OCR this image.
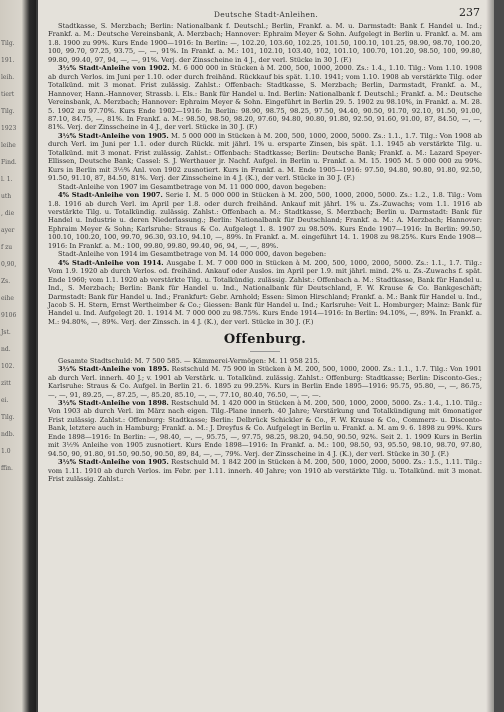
Tilg.
191.
leih.
tiert
Tilg.
1923
leihe
Find.
l. 1.
uth
, die
ayer
f zu
0,90,
Zs.
eihe
9106
Jst.
nd.
102.
zitt
ei.
Tilg.
ndb.
1.0
ffin.
Deutsche Stadt-Anleihen.	237

Stadtkasse, S. Merzbach; Berlin: Nationalbank f. Deutschl.; Berlin, Frankf. a. M. u. Darmstadt: Bank f. Handel u. Ind.; Frankf. a. M.: Deutsche Vereinsbank, A. Merzbach; Hannover: Ephraim Meyer & Sohn. Aufgelegt in Berlin u. Frankf. a. M. am 1.8. 1900 zu 99%. Kurs Ende 1900—1916: In Berlin: —, 102.20, 103.60, 102.25, 101.50, 100.10, 101.25, 98.90, 98.70, 100.20, 100, 99.70, 97.25, 93.75, —, —, 91%. In Frankf. a. M.: 101, 102.10, 103.40, 102, 101.10, 100.70, 101.20, 98.50, 100, 99.80, 99.80, 99.40, 97, 94, —, —, 91%. Verj. der Zinsscheine in 4 J., der verl. Stücke in 30 J. (F.)

3½% Stadt-Anleihe von 1902. M. 6 000 000 in Stücken à M. 200, 500, 1000, 2000. Zs.: 1.4., 1.10. Tilg.: Vom 1.10. 1908 ab durch Verlos. im Juni per 1.10. oder durch freihänd. Rückkauf bis spät. 1.10. 1941; vom 1.10. 1908 ab verstärkte Tilg. oder Totalkünd. mit 3 monat. Frist zulässig. Zahlst.: Offenbach: Stadtkasse, S. Merzbach; Berlin, Darmstadt, Frankf. a. M., Hannover, Hann.-Hannover, Strassb. i. Els.: Bank für Handel u. Ind. Berlin: Nationalbank f. Deutschl.; Frankf. a. M.: Deutsche Vereinsbank, A. Merzbach; Hannover: Ephraim Meyer & Sohn. Eingeführt in Berlin 29. 5. 1902 zu 98.10%, in Frankf. a. M. 28. 5. 1902 zu 97.70%. Kurs Ende 1902—1916: In Berlin: 98.90, 98.75, 98.25, 97.50, 94.40, 90.50, 91.70, 92.10, 91.50, 91.00, 87.10, 84.75, —, 81%. In Frankf. a. M.: 98.50, 98.50, 98.20, 97.60, 94.80, 90.80, 91.80, 92.50, 91.60, 91.00, 87, 84.50, —, —, 81%. Verj. der Zinsscheine in 4 J., der verl. Stücke in 30 J. (F.)

3½% Stadt-Anleihe von 1905. M. 5 000 000 in Stücken à M. 200, 500, 1000, 2000, 5000. Zs.: 1.1., 1.7. Tilg.: Von 1908 ab durch Verl. im Juni per 1.1. oder durch Rückk. mit jährl. 1% u. ersparte Zinsen, bis spät. 1.1. 1945 ab verstärkte Tilg. u. Totalkünd. mit 3 monat. Frist zulässig. Zahlst.: Offenbach: Stadtkasse; Berlin: Deutsche Bank; Frankf. a. M.: Lazard Speyer-Ellissen, Deutsche Bank; Cassel: S. J. Werthauer jr. Nachf. Aufgel. in Berlin u. Frankf. a. M. 15. 1905 M. 5 000 000 zu 99%. Kurs in Berlin mit 3½% Anl. von 1902 zusnotiert. Kurs in Frankf. a. M. Ende 1905—1916: 97.50, 94.80, 90.80, 91.80, 92.50, 91.50, 91.10, 87, 84.50, 81%. Verj. der Zinsscheine in 4 J. (K.), der verl. Stücke in 30 J. (F.)

Stadt-Anleihe von 1907 im Gesamtbetrage von M. 11 000 000, davon begeben:

4% Stadt-Anleihe von 1907. Serie I. M. 5 000 000 in Stücken à M. 200, 500, 1000, 2000, 5000. Zs.: 1.2., 1.8. Tilg.: Vom 1.8. 1916 ab durch Verl. im April per 1.8. oder durch freihänd. Ankauf mit jährl. 1% u. Zs.-Zuwachs; vom 1.1. 1916 ab verstärkte Tilg. u. Totalkündig. zulässig. Zahlst.: Offenbach a. M.: Stadtkasse, S. Merzbach; Berlin u. Darmstadt: Bank für Handel u. Industrie u. deren Niederlassung.; Berlin: Nationalbank für Deutschland; Frankf. a. M.: A. Merzbach; Hannover: Ephraim Meyer & Sohn; Karlsruhe: Straus & Co. Aufgelegt 1. 8. 1907 zu 98.50%. Kurs Ende 1907—1916: In Berlin: 99.50, 100.10, 100.20, 100, 99.70, 96.30, 93.10, 94.10, —, 89%. In Frankf. a. M. eingeführt 14. 1. 1908 zu 98.25%. Kurs Ende 1908—1916: In Frankf. a. M.: 100, 99.80, 99.80, 99.40, 96, 94, —, —, 89%.

Stadt-Anleihe von 1914 im Gesamtbetrage von M. 14 000 000, davon begeben:

4% Stadt-Anleihe von 1914. Ausgabe I. M. 7 000 000 in Stücken à M. 200, 500, 1000, 2000, 5000. Zs.: 1.1., 1.7. Tilg.: Vom 1.9. 1920 ab durch Verlos. od. freihänd. Ankauf oder Auslos. im April per 1.9. mit jährl. mind. 2% u. Zs.-Zuwachs f. spät. Ende 1960; vom 1.1. 1920 ab verstärkte Tilg. u. Totalkündig. zulässig. Zahlst.: Offenbach a. M.: Stadtkasse, Bank für Handel u. Ind., S. Merzbach; Berlin: Bank für Handel u. Ind., Nationalbank für Deutschland, F. W. Krause & Co. Bankgeschäft; Darmstadt: Bank für Handel u. Ind.; Frankfurt: Gebr. Arnhold; Essen: Simon Hirschland; Frankf. a. M.: Bank für Handel u. Ind., Jacob S. H. Stern, Ernst Wertheimber & Co.; Giessen: Bank für Handel u. Ind.; Karlsruhe: Veit L. Homburger; Mainz: Bank für Handel u. Ind. Aufgelegt 20. 1. 1914 M. 7 000 000 zu 98.75%. Kurs Ende 1914—1916: In Berlin: 94.10%, —, 89%. In Frankf. a. M.: 94.80%, —, 89%. Verj. der Zinssch. in 4 J. (K.), der verl. Stücke in 30 J. (F.)

Offenburg.

Gesamte Stadtschuld: M. 7 500 585. — Kämmerei-Vermögen: M. 11 958 215.

3½% Stadt-Anleihe von 1895. Restschuld M. 75 900 in Stücken à M. 200, 500, 1000, 2000. Zs.: 1.1., 1.7. Tilg.: Von 1901 ab durch Verl. innerh. 40 J.; v. 1901 ab Verstärk. u. Totalkünd. zulässig. Zahlst.: Offenburg: Stadtkasse; Berlin: Disconto-Ges.; Karlsruhe: Straus & Co. Aufgel. in Berlin 21. 6. 1895 zu 99.25%. Kurs in Berlin Ende 1895—1916: 95.75, 95.80, —, —, 86.75, —, —, 91, 89.25, —, 87.25, —, 85.20, 85.10, —, —, 77.10, 80.40, 76.50, —, —, —.

3½% Stadt-Anleihe von 1898. Restschuld M. 1 420 000 in Stücken à M. 200, 500, 1000, 2000, 5000. Zs.: 1.4., 1.10. Tilg.: Von 1903 ab durch Verl. im März nach eigen. Tilg.-Plane innerh. 40 Jahre; Verstärkung und Totalkündigung mit 6monatiger Frist zulässig. Zahlst.: Offenburg: Stadtkasse; Berlin: Delbrück Schickler & Co., F. W. Krause & Co., Commerz- u. Disconto-Bank, letztere auch in Hamburg; Frankf. a. M.: J. Dreyfus & Co. Aufgelegt in Berlin u. Frankf. a. M. am 9. 6. 1898 zu 99%. Kurs Ende 1898—1916: In Berlin: —, 98.40, —, —, 95.75, —, 97.75, 98.25, 98.20, 94.50, 90.50, 92%. Seit 2. 1. 1909 Kurs in Berlin mit 3½% Anleihe von 1905 zusnotiert. Kurs Ende 1898—1916: In Frankf. a. M.: 100, 98.50, 93, 95.50, 98.10, 98.70, 97.80, 94.50, 90, 91.80, 91.50, 90.50, 90.50, 89, 84, —, —, 79%. Verj. der Zinsscheine in 4 J. (K.), der verl. Stücke in 30 J. (F.)

3½% Stadt-Anleihe von 1905. Restschuld M. 1 842 200 in Stücken à M. 200, 500, 1000, 2000, 5000. Zs.: 1.5., 1.11. Tilg.: vom 1.11. 1910 ab durch Verlos. im Febr. per 1.11. innerh. 40 Jahre; von 1910 ab verstärkte Tilg. u. Totalkünd. mit 3 monat. Frist zulässig. Zahlst.:
